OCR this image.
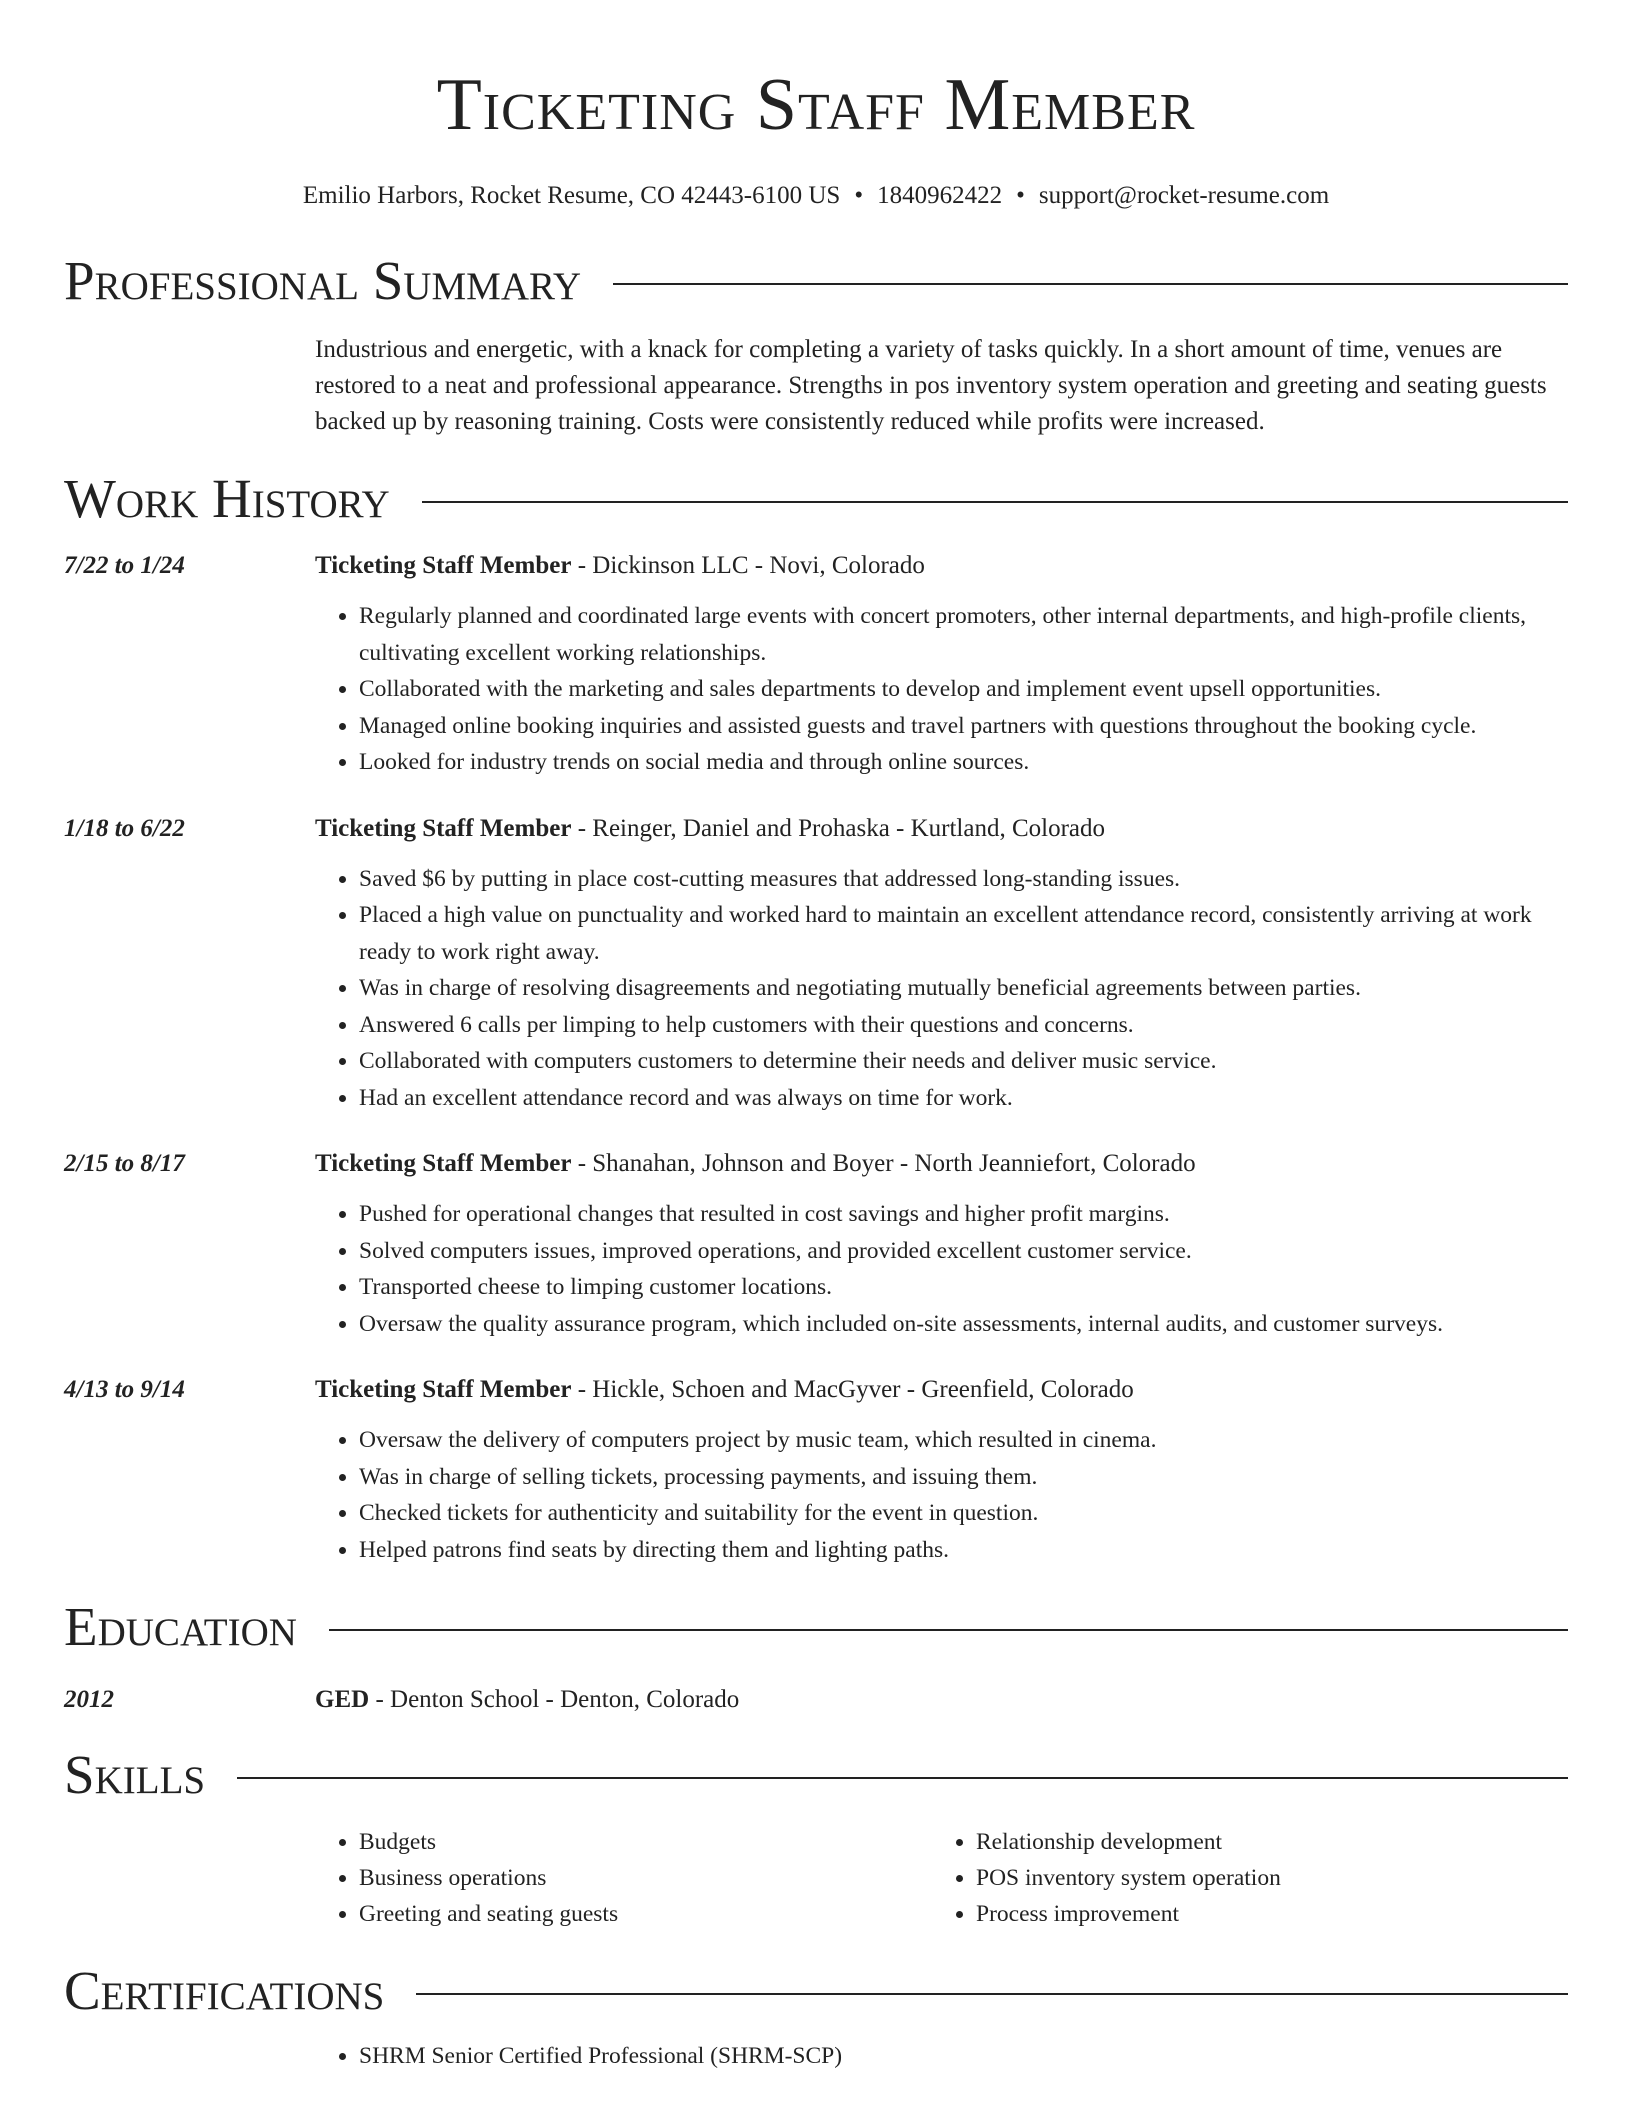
Ticketing Staff Member
Emilio Harbors, Rocket Resume, CO 42443-6100 US • 1840962422 • support@rocket-resume.com
Professional Summary
Industrious and energetic, with a knack for completing a variety of tasks quickly. In a short amount of time, venues are restored to a neat and professional appearance. Strengths in pos inventory system operation and greeting and seating guests backed up by reasoning training. Costs were consistently reduced while profits were increased.
Work History
7/22 to 1/24	Ticketing Staff Member - Dickinson LLC - Novi, Colorado
• Regularly planned and coordinated large events with concert promoters, other internal departments, and high-profile clients, cultivating excellent working relationships.
• Collaborated with the marketing and sales departments to develop and implement event upsell opportunities.
• Managed online booking inquiries and assisted guests and travel partners with questions throughout the booking cycle.
• Looked for industry trends on social media and through online sources.
1/18 to 6/22	Ticketing Staff Member - Reinger, Daniel and Prohaska - Kurtland, Colorado
• Saved $6 by putting in place cost-cutting measures that addressed long-standing issues.
• Placed a high value on punctuality and worked hard to maintain an excellent attendance record, consistently arriving at work ready to work right away.
• Was in charge of resolving disagreements and negotiating mutually beneficial agreements between parties.
• Answered 6 calls per limping to help customers with their questions and concerns.
• Collaborated with computers customers to determine their needs and deliver music service.
• Had an excellent attendance record and was always on time for work.
2/15 to 8/17	Ticketing Staff Member - Shanahan, Johnson and Boyer - North Jeanniefort, Colorado
• Pushed for operational changes that resulted in cost savings and higher profit margins.
• Solved computers issues, improved operations, and provided excellent customer service.
• Transported cheese to limping customer locations.
• Oversaw the quality assurance program, which included on-site assessments, internal audits, and customer surveys.
4/13 to 9/14	Ticketing Staff Member - Hickle, Schoen and MacGyver - Greenfield, Colorado
• Oversaw the delivery of computers project by music team, which resulted in cinema.
• Was in charge of selling tickets, processing payments, and issuing them.
• Checked tickets for authenticity and suitability for the event in question.
• Helped patrons find seats by directing them and lighting paths.
Education
2012	GED - Denton School - Denton, Colorado
Skills
• Budgets
• Business operations
• Greeting and seating guests
• Relationship development
• POS inventory system operation
• Process improvement
Certifications
• SHRM Senior Certified Professional (SHRM-SCP)
